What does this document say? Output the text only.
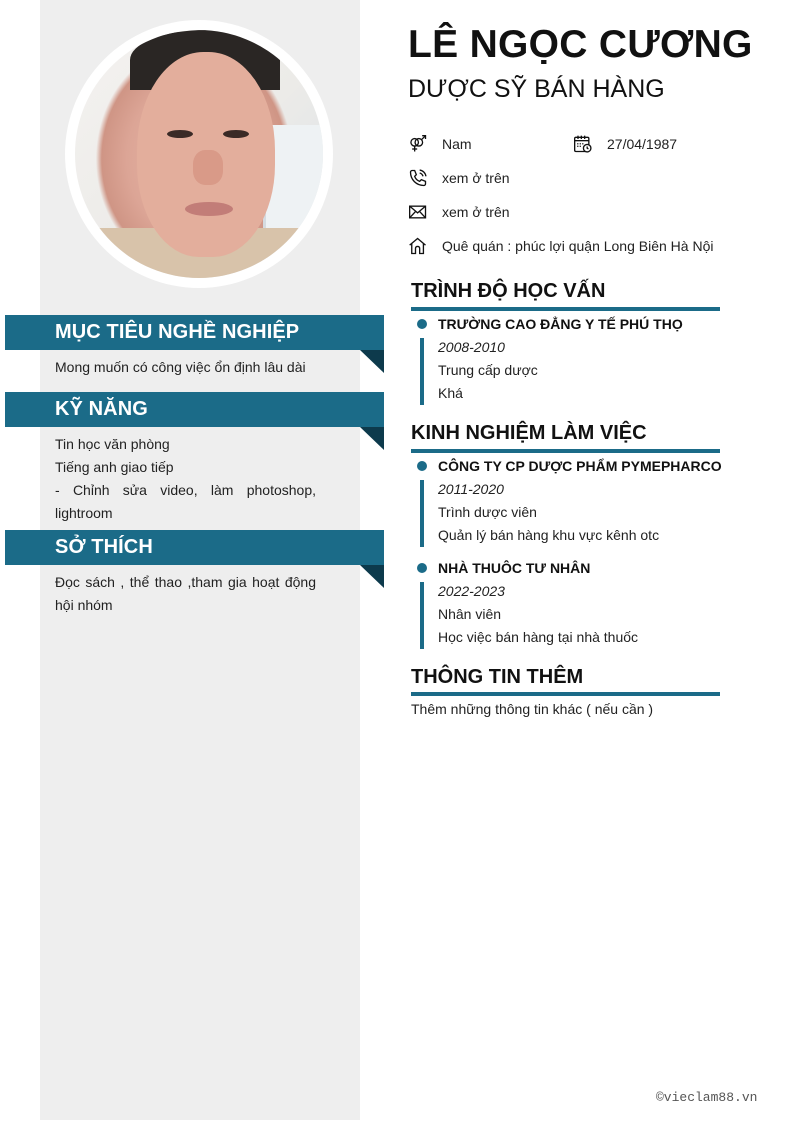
MỤC TIÊU NGHỀ NGHIỆP
Mong muốn có công việc ổn định lâu dài
KỸ NĂNG
Tin học văn phòng
Tiếng anh giao tiếp
- Chỉnh sửa video, làm photoshop, lightroom
SỞ THÍCH
Đọc sách , thể thao ,tham gia hoạt động hội nhóm
LÊ NGỌC CƯƠNG
DƯỢC SỸ BÁN HÀNG
Nam	27/04/1987
xem ở trên
xem ở trên
Quê quán : phúc lợi quận Long Biên Hà Nội
TRÌNH ĐỘ HỌC VẤN
TRƯỜNG CAO ĐẲNG Y TẾ PHÚ THỌ
2008-2010
Trung cấp dược
Khá
KINH NGHIỆM LÀM VIỆC
CÔNG TY CP DƯỢC PHẨM PYMEPHARCO
2011-2020
Trình dược viên
Quản lý bán hàng khu vực kênh otc
NHÀ THUÔC TƯ NHÂN
2022-2023
Nhân viên
Học việc bán hàng tại nhà thuốc
THÔNG TIN THÊM
Thêm những thông tin khác ( nếu cần )
©vieclam88.vn
